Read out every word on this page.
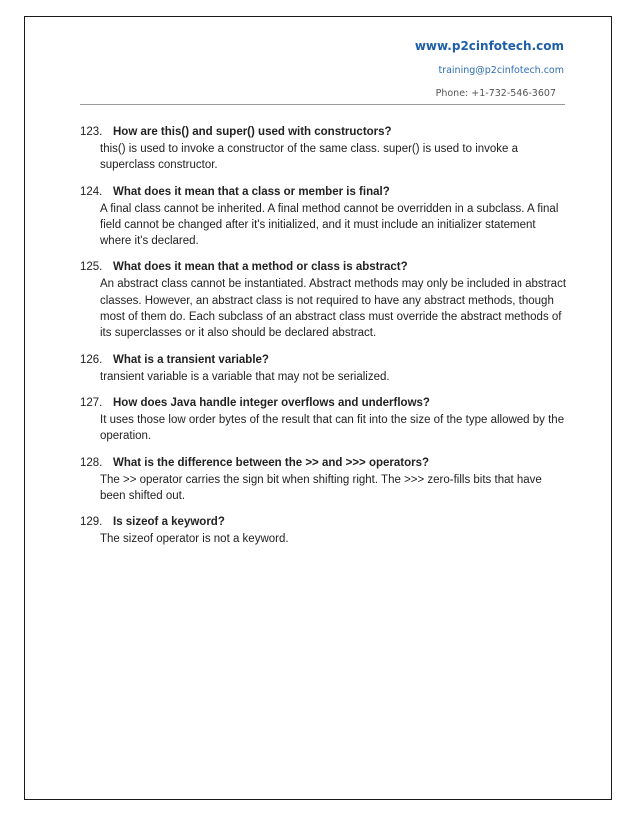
www.p2cinfotech.com
training@p2cinfotech.com
Phone: +1-732-546-3607
123. How are this() and super() used with constructors?
this() is used to invoke a constructor of the same class. super() is used to invoke a superclass constructor.
124. What does it mean that a class or member is final?
A final class cannot be inherited. A final method cannot be overridden in a subclass. A final field cannot be changed after it's initialized, and it must include an initializer statement where it's declared.
125. What does it mean that a method or class is abstract?
An abstract class cannot be instantiated. Abstract methods may only be included in abstract classes. However, an abstract class is not required to have any abstract methods, though most of them do. Each subclass of an abstract class must override the abstract methods of its superclasses or it also should be declared abstract.
126. What is a transient variable?
transient variable is a variable that may not be serialized.
127. How does Java handle integer overflows and underflows?
It uses those low order bytes of the result that can fit into the size of the type allowed by the operation.
128. What is the difference between the >> and >>> operators?
The >> operator carries the sign bit when shifting right. The >>> zero-fills bits that have been shifted out.
129. Is sizeof a keyword?
The sizeof operator is not a keyword.
